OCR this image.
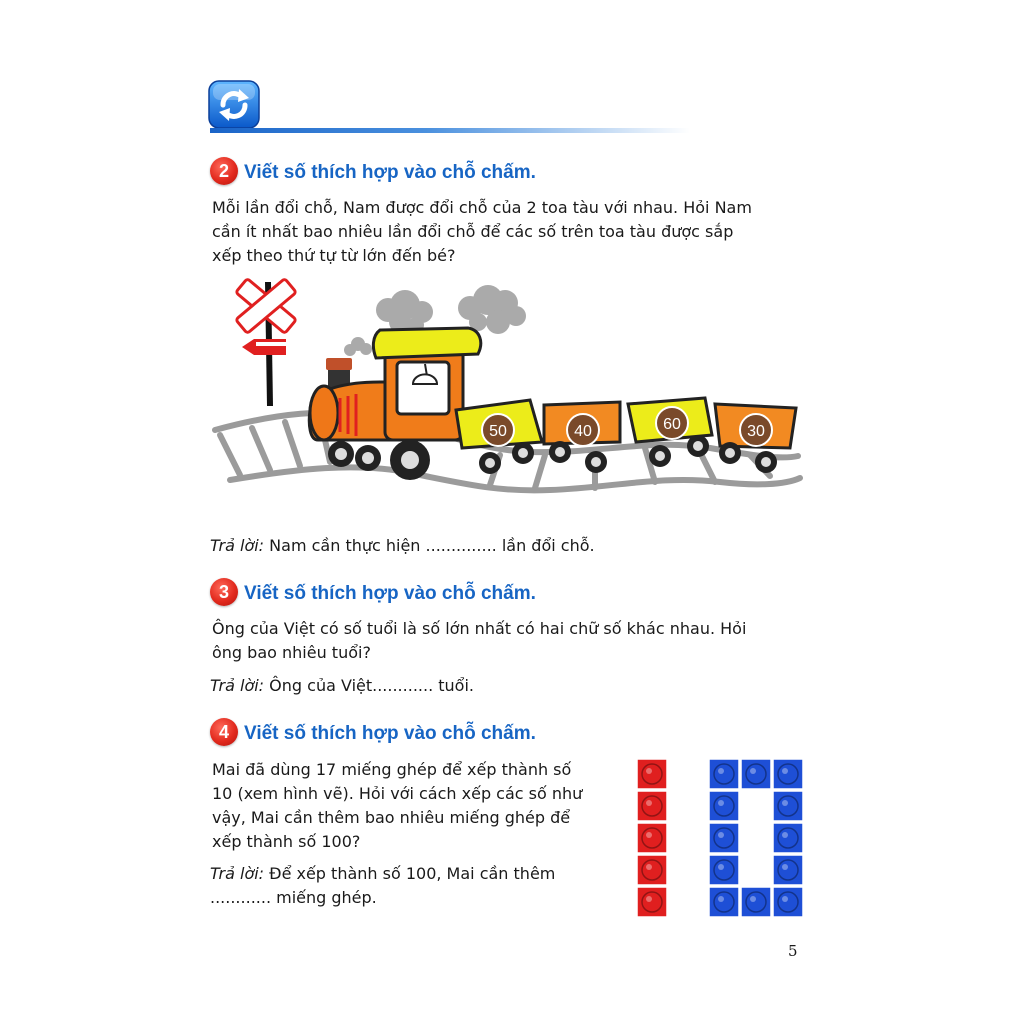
2 Viết số thích hợp vào chỗ chấm.

Mỗi lần đổi chỗ, Nam được đổi chỗ của 2 toa tàu với nhau. Hỏi Nam

cần ít nhất bao nhiêu lần đổi chỗ để các số trên toa tàu được sắp

xếp theo thứ tự từ lớn đến bé?

50	40	60	30
Trả lời: Nam cần thực hiện .............. lần đổi chỗ.
3 Viết số thích hợp vào chỗ chấm.

Ông của Việt có số tuổi là số lớn nhất có hai chữ số khác nhau. Hỏi

ông bao nhiêu tuổi?

Trả lời: Ông của Việt............ tuổi.
4 Viết số thích hợp vào chỗ chấm.

Mai đã dùng 17 miếng ghép để xếp thành số

10 (xem hình vẽ). Hỏi với cách xếp các số như

vậy, Mai cần thêm bao nhiêu miếng ghép để

xếp thành số 100?

Trả lời: Để xếp thành số 100, Mai cần thêm
............ miếng ghép.
5
